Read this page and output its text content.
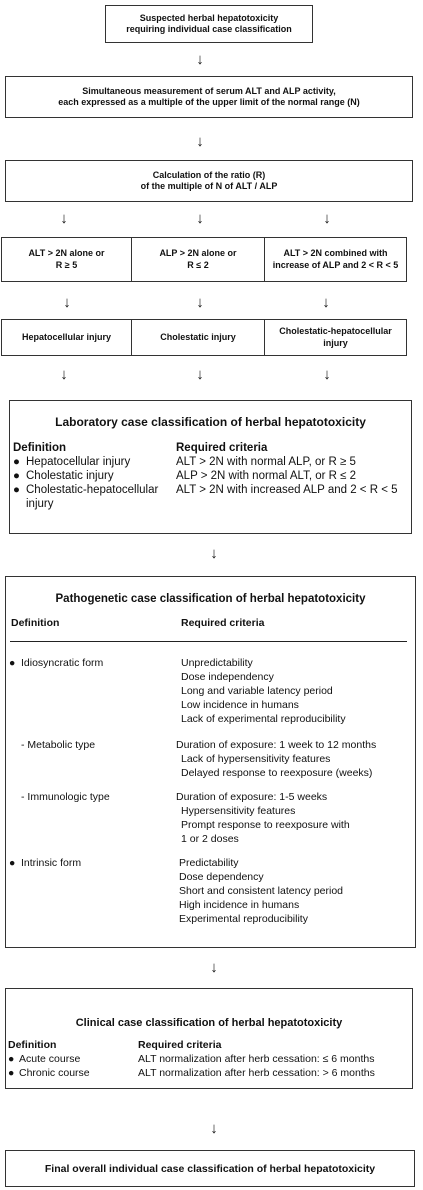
Suspected herbal hepatotoxicity
requiring individual case classification
↓
Simultaneous measurement of serum ALT and ALP activity,
each expressed as a multiple of the upper limit of the normal range (N)
↓
Calculation of the ratio (R)
of the multiple of N of ALT / ALP
↓	↓	↓
ALT > 2N alone or
R ≥ 5
ALP > 2N alone or
R ≤ 2
ALT > 2N combined with
increase of ALP and 2 < R < 5
↓	↓	↓
Hepatocellular injury	Cholestatic injury
Cholestatic-hepatocellular
injury
↓	↓	↓
Laboratory case classification of herbal hepatotoxicity
Definition	Required criteria
● Hepatocellular injury	ALT > 2N with normal ALP, or R ≥ 5
● Cholestatic injury	ALP > 2N with normal ALT, or R ≤ 2
● Cholestatic-hepatocellular
injury
ALT > 2N with increased ALP and 2 < R < 5
↓
Pathogenetic case classification of herbal hepatotoxicity
Definition	Required criteria
● Idiosyncratic form	Unpredictability
Dose independency
Long and variable latency period
Low incidence in humans
Lack of experimental reproducibility
- Metabolic type	Duration of exposure: 1 week to 12 months
Lack of hypersensitivity features
Delayed response to reexposure (weeks)
- Immunologic type	Duration of exposure: 1-5 weeks
Hypersensitivity features
Prompt response to reexposure with
1 or 2 doses
● Intrinsic form	Predictability
Dose dependency
Short and consistent latency period
High incidence in humans
Experimental reproducibility
↓
Clinical case classification of herbal hepatotoxicity
Definition	Required criteria
● Acute course	ALT normalization after herb cessation: ≤ 6 months
● Chronic course	ALT normalization after herb cessation: > 6 months
↓
Final overall individual case classification of herbal hepatotoxicity
